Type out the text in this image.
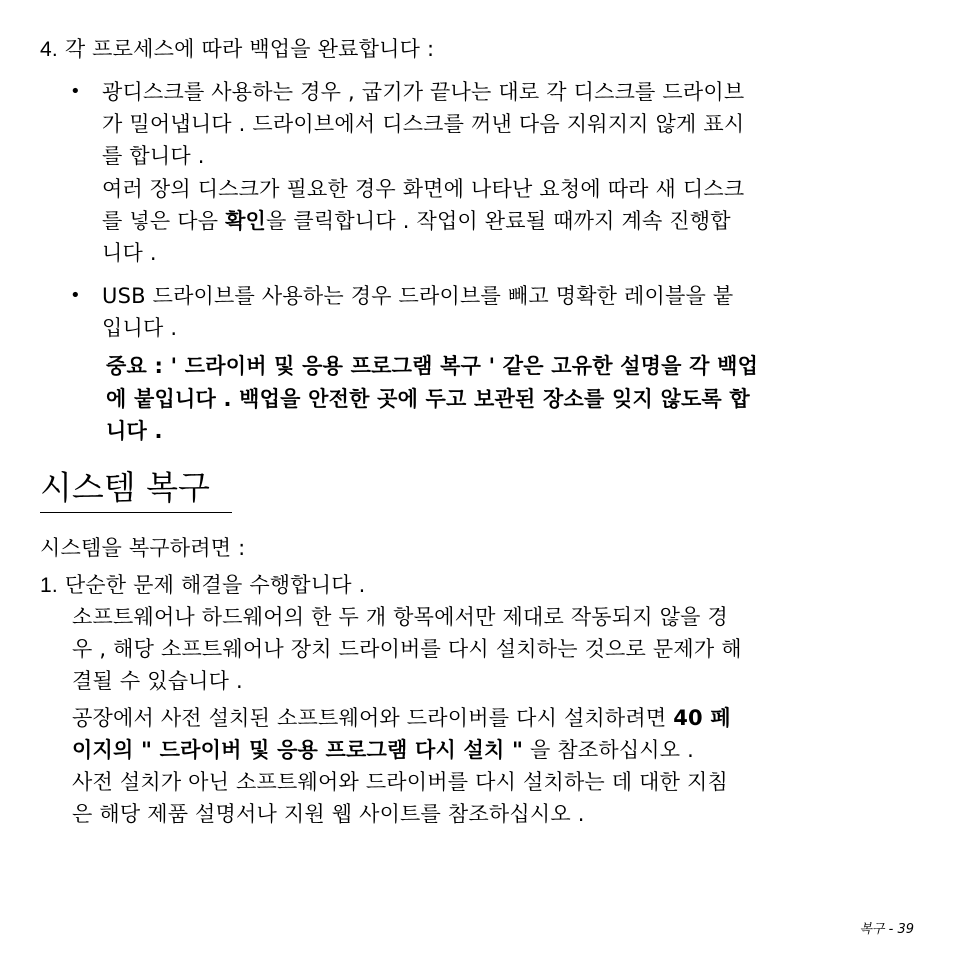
4. 각 프로세스에 따라 백업을 완료합니다 :
• 광디스크를 사용하는 경우 , 굽기가 끝나는 대로 각 디스크를 드라이브
가 밀어냅니다 . 드라이브에서 디스크를 꺼낸 다음 지워지지 않게 표시
를 합니다 .
여러 장의 디스크가 필요한 경우 화면에 나타난 요청에 따라 새 디스크
를 넣은 다음 확인을 클릭합니다 . 작업이 완료될 때까지 계속 진행합
니다 .
• USB 드라이브를 사용하는 경우 드라이브를 빼고 명확한 레이블을 붙
입니다 .
중요 : ' 드라이버 및 응용 프로그램 복구 ' 같은 고유한 설명을 각 백업
에 붙입니다 . 백업을 안전한 곳에 두고 보관된 장소를 잊지 않도록 합
니다 .
시스템 복구
시스템을 복구하려면 :
1. 단순한 문제 해결을 수행합니다 .
소프트웨어나 하드웨어의 한 두 개 항목에서만 제대로 작동되지 않을 경
우 , 해당 소프트웨어나 장치 드라이버를 다시 설치하는 것으로 문제가 해
결될 수 있습니다 .
공장에서 사전 설치된 소프트웨어와 드라이버를 다시 설치하려면 40 페
이지의 " 드라이버 및 응용 프로그램 다시 설치 " 을 참조하십시오 .
사전 설치가 아닌 소프트웨어와 드라이버를 다시 설치하는 데 대한 지침
은 해당 제품 설명서나 지원 웹 사이트를 참조하십시오 .
복구 - 39
